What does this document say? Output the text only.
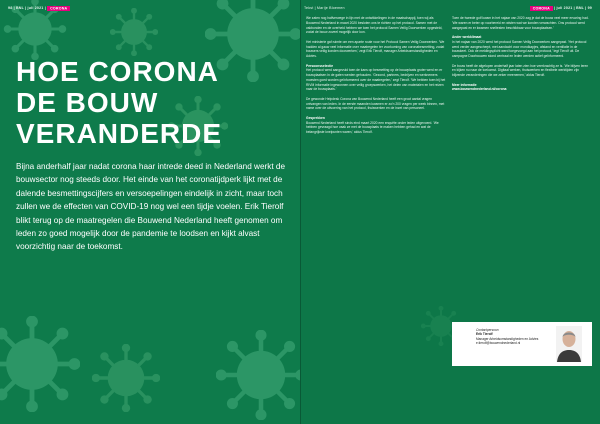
98 | BNL | juli 2021 | CORONA	Tekst | Marije Bloemen	CORONA | juli 2021 | BNL | 99
HOE CORONA
DE BOUW
VERANDERDE

Bijna anderhalf jaar nadat corona haar intrede deed in Nederland werkt de bouwsector nog steeds door. Het einde van het coronatijdperk lijkt met de dalende besmettingscijfers en versoepelingen eindelijk in zicht, maar toch zullen we de effecten van COVID-19 nog wel een tijdje voelen. Erik Tierolf blikt terug op de maatregelen die Bouwend Nederland heeft genomen om leden zo goed mogelijk door de pandemie te loodsen en kijkt alvast voorzichtig naar de toekomst.

We zaten nog halfverwege in lijn met de ontwikkelingen in de maatschappij, toen wij als Bouwend Nederland in maart 2020 besloten ons te richten op het protocol. Samen met de vakbonden en de overheid hebben we toen het protocol Samen Veilig Doorwerken opgesteld, zodat de bouw zoveel mogelijk door kon.

Het ministerie gaf ruimte om een aparte route voor het Protocol Samen Veilig Doorwerken. 'We hadden al gauw veel informatie over maatregelen ter voorkoming van coronabesmetting, zodat bouwers veilig konden doorwerken,' zegt Erik Tierolf, manager Arbeidsomstandigheden en Advies.

Persoonsselectie

Het protocol werd aangevuld toen de kans op besmetting op de bouwplaats groter werd en er bouwplaatsen in de gaten werden gehouden. 'Gezond, partners, bedrijven en werknemers moesten goed worden geïnformeerd over de maatregelen,' zegt Tierolf. 'We hebben toen bij het RIVM informatie ingewonnen over veilig groepswerken, het delen van materialen en het reizen naar de bouwplaats.'

De gewonde Helpdesk Corona van Bouwend Nederland heeft een groot aantal vragen ontvangen van leden. In de eerste maanden kwamen er zo'n 200 vragen per week binnen, met name over de uitvoering van het protocol, thuiswerken en de inzet van personeel.

Gesprekken

Bouwend Nederland heeft sinds eind maart 2020 een enquête onder leden uitgevoerd. 'We hebben gevraagd hoe vaak ze met de bouwplaats te maken hebben gehad en wat de belangrijkste knelpunten waren,' aldus Tierolf.

Toen de tweede golf kwam in het najaar van 2020 zag je dat de bouw veel meer ervaring had. 'We waren er beter op voorbereid en wisten wat we konden verwachten. Ons protocol werd aangepast en er kwamen sneltesten beschikbaar voor bouwplaatsen.'

Ander werkklimaat

In het najaar van 2020 werd het protocol Samen Veilig Doorwerken aangepast. 'Het protocol werd verder aangescherpt, met aandacht voor mondkapjes, afstand en ventilatie in de bouwkeet. Ook de meldingsplicht werd toegevoegd aan het protocol,' legt Tierolf uit. De campagne Doorbouwen stond centraal en leden werden actief geïnformeerd.

De bouw heeft de afgelopen anderhalf jaar laten zien hoe veerkrachtig ze is. 'We blijven leren en kijken nu naar de toekomst. Digitaal werken, thuiswerken en flexibele werktijden zijn blijvende veranderingen die we zeker meenemen,' aldus Tierolf.

Meer informatie

www.bouwendnederland.nl/corona

Contactpersoon
Erik Tierolf
Manager Arbeidsomstandigheden en Advies
e.tierolf@bouwendnederland.nl
